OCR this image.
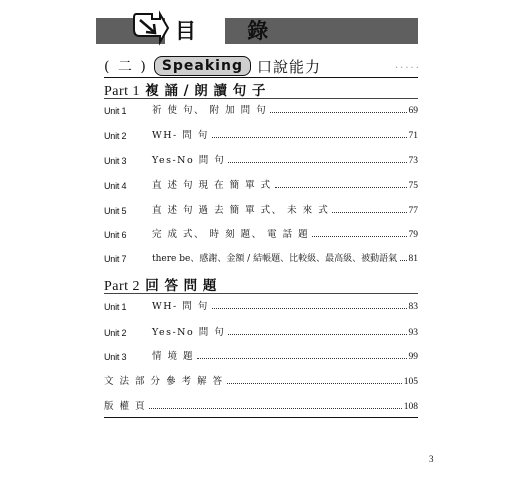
目 錄
( 二 )	Speaking 口說能力	.....
Part 1 複 誦 / 朗 讀 句 子
Unit 1	祈 使 句、 附 加 問 句	69
Unit 2	WH- 問 句	71
Unit 3	Yes-No 問 句	73
Unit 4	直 述 句 現 在 簡 單 式	75
Unit 5	直 述 句 過 去 簡 單 式、 未 來 式	77
Unit 6	完 成 式、 時 刻 題、 電 話 題	79
Unit 7	there be、感謝、金額 / 結帳題、比較級、最高級、被動語氣 81
Part 2 回 答 問 題
Unit 1	WH- 問 句	83
Unit 2	Yes-No 問 句	93
Unit 3	情 境 題	99
文 法 部 分 參 考 解 答	105
版 權 頁	108
3
